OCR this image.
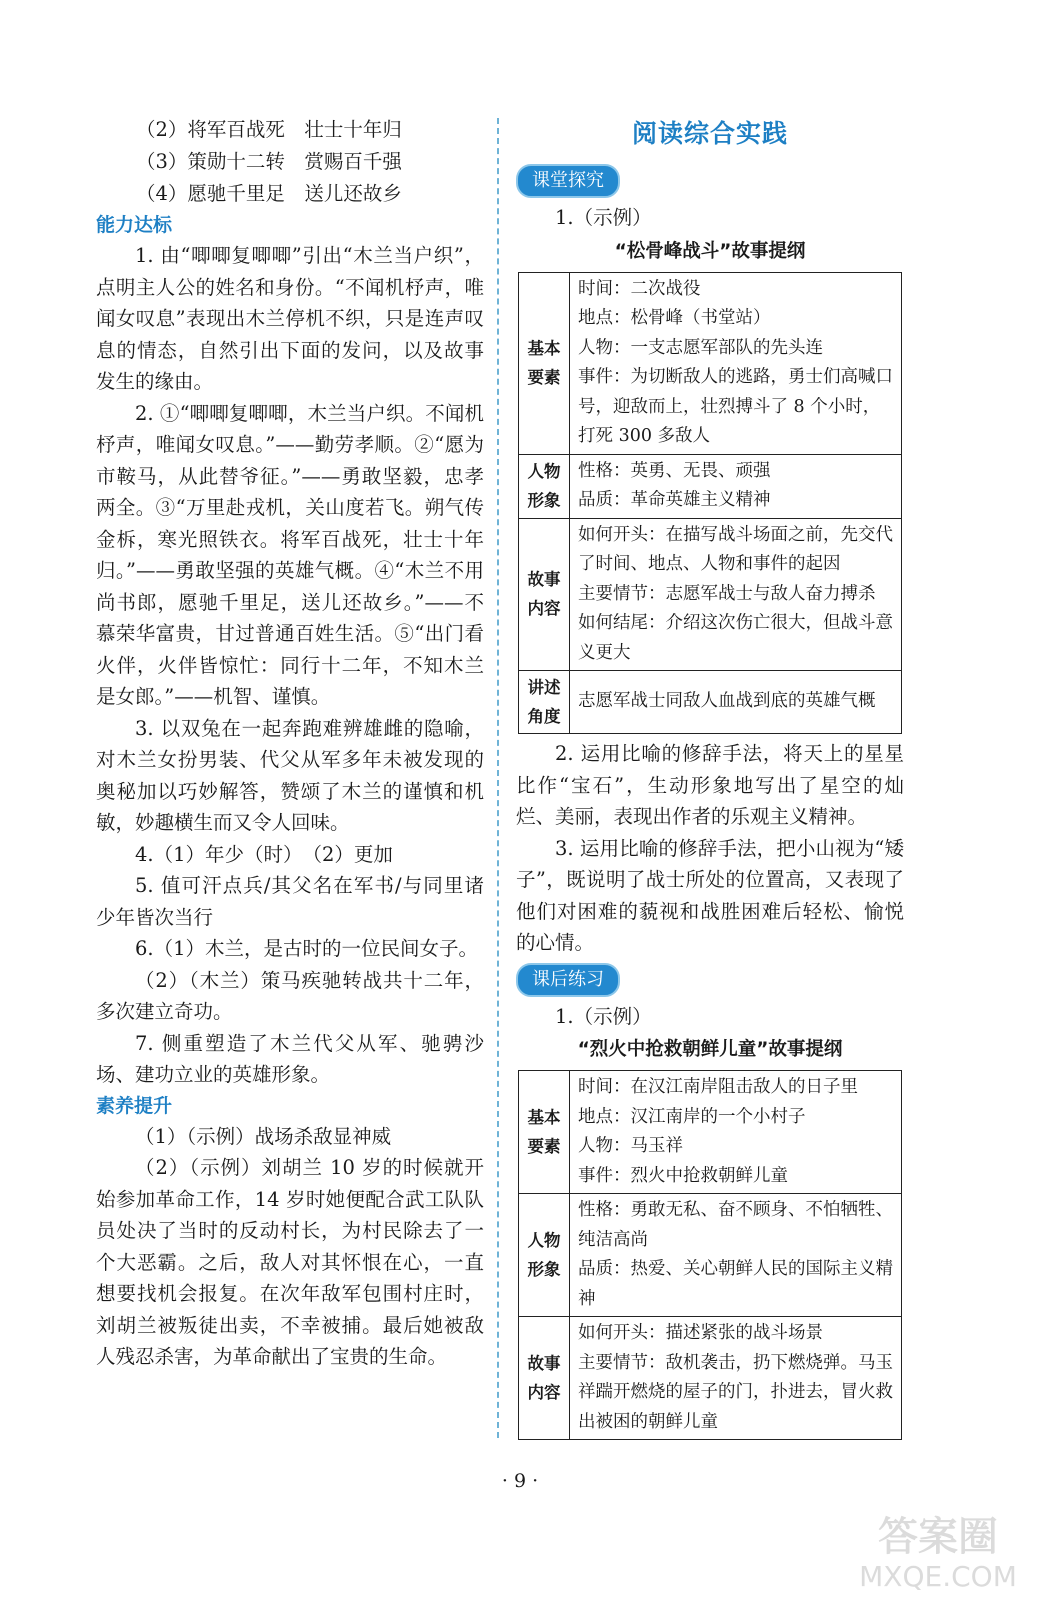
（2）将军百战死　壮士十年归

（3）策勋十二转　赏赐百千强

（4）愿驰千里足　送儿还故乡

能力达标

1. 由“唧唧复唧唧”引出“木兰当户织”，点明主人公的姓名和身份。“不闻机杼声，唯闻女叹息”表现出木兰停机不织，只是连声叹息的情态，自然引出下面的发问，以及故事发生的缘由。

2. ①“唧唧复唧唧，木兰当户织。不闻机杼声，唯闻女叹息。”——勤劳孝顺。②“愿为市鞍马，从此替爷征。”——勇敢坚毅，忠孝两全。③“万里赴戎机，关山度若飞。朔气传金柝，寒光照铁衣。将军百战死，壮士十年归。”——勇敢坚强的英雄气概。④“木兰不用尚书郎，愿驰千里足，送儿还故乡。”——不慕荣华富贵，甘过普通百姓生活。⑤“出门看火伴，火伴皆惊忙：同行十二年，不知木兰是女郎。”——机智、谨慎。

3. 以双兔在一起奔跑难辨雄雌的隐喻，对木兰女扮男装、代父从军多年未被发现的奥秘加以巧妙解答，赞颂了木兰的谨慎和机敏，妙趣横生而又令人回味。

4.（1）年少（时）　（2）更加

5. 值可汗点兵/其父名在军书/与同里诸少年皆次当行

6.（1）木兰，是古时的一位民间女子。

（2）（木兰）策马疾驰转战共十二年，多次建立奇功。

7. 侧重塑造了木兰代父从军、驰骋沙场、建功立业的英雄形象。

素养提升

（1）（示例）战场杀敌显神威

（2）（示例）刘胡兰 10 岁的时候就开始参加革命工作，14 岁时她便配合武工队队员处决了当时的反动村长，为村民除去了一个大恶霸。之后，敌人对其怀恨在心，一直想要找机会报复。在次年敌军包围村庄时，刘胡兰被叛徒出卖，不幸被捕。最后她被敌人残忍杀害，为革命献出了宝贵的生命。

阅读综合实践

课堂探究

1.（示例）

“松骨峰战斗”故事提纲

基本
要素	时间：二次战役
地点：松骨峰（书堂站）
人物：一支志愿军部队的先头连
事件：为切断敌人的逃路，勇士们高喊口号，迎敌而上，壮烈搏斗了 8 个小时，打死 300 多敌人

人物
形象	性格：英勇、无畏、顽强
品质：革命英雄主义精神

故事
内容	如何开头：在描写战斗场面之前，先交代了时间、地点、人物和事件的起因
主要情节：志愿军战士与敌人奋力搏杀
如何结尾：介绍这次伤亡很大，但战斗意义更大

讲述
角度	志愿军战士同敌人血战到底的英雄气概

2. 运用比喻的修辞手法，将天上的星星比作“宝石”，生动形象地写出了星空的灿烂、美丽，表现出作者的乐观主义精神。

3. 运用比喻的修辞手法，把小山视为“矮子”，既说明了战士所处的位置高，又表现了他们对困难的藐视和战胜困难后轻松、愉悦的心情。

课后练习

1.（示例）

“烈火中抢救朝鲜儿童”故事提纲

基本
要素	时间：在汉江南岸阻击敌人的日子里
地点：汉江南岸的一个小村子
人物：马玉祥
事件：烈火中抢救朝鲜儿童

人物
形象	性格：勇敢无私、奋不顾身、不怕牺牲、纯洁高尚
品质：热爱、关心朝鲜人民的国际主义精神

故事
内容	如何开头：描述紧张的战斗场景
主要情节：敌机袭击，扔下燃烧弹。马玉祥踹开燃烧的屋子的门，扑进去，冒火救出被困的朝鲜儿童
· 9 ·
答案圈
MXQE.COM
